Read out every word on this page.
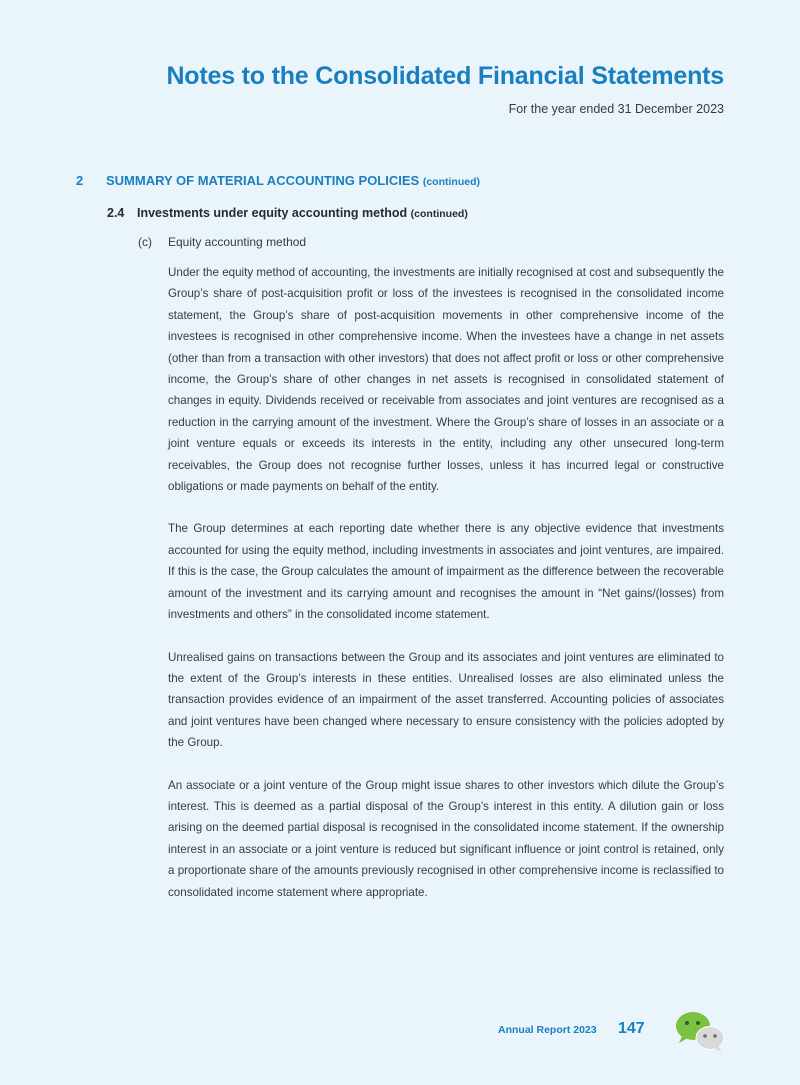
Notes to the Consolidated Financial Statements
For the year ended 31 December 2023
2 SUMMARY OF MATERIAL ACCOUNTING POLICIES (continued)
2.4 Investments under equity accounting method (continued)
(c) Equity accounting method

Under the equity method of accounting, the investments are initially recognised at cost and subsequently the Group’s share of post-acquisition profit or loss of the investees is recognised in the consolidated income statement, the Group’s share of post-acquisition movements in other comprehensive income of the investees is recognised in other comprehensive income. When the investees have a change in net assets (other than from a transaction with other investors) that does not affect profit or loss or other comprehensive income, the Group’s share of other changes in net assets is recognised in consolidated statement of changes in equity. Dividends received or receivable from associates and joint ventures are recognised as a reduction in the carrying amount of the investment. Where the Group’s share of losses in an associate or a joint venture equals or exceeds its interests in the entity, including any other unsecured long-term receivables, the Group does not recognise further losses, unless it has incurred legal or constructive obligations or made payments on behalf of the entity.

The Group determines at each reporting date whether there is any objective evidence that investments accounted for using the equity method, including investments in associates and joint ventures, are impaired. If this is the case, the Group calculates the amount of impairment as the difference between the recoverable amount of the investment and its carrying amount and recognises the amount in “Net gains/(losses) from investments and others” in the consolidated income statement.

Unrealised gains on transactions between the Group and its associates and joint ventures are eliminated to the extent of the Group’s interests in these entities. Unrealised losses are also eliminated unless the transaction provides evidence of an impairment of the asset transferred. Accounting policies of associates and joint ventures have been changed where necessary to ensure consistency with the policies adopted by the Group.

An associate or a joint venture of the Group might issue shares to other investors which dilute the Group’s interest. This is deemed as a partial disposal of the Group’s interest in this entity. A dilution gain or loss arising on the deemed partial disposal is recognised in the consolidated income statement. If the ownership interest in an associate or a joint venture is reduced but significant influence or joint control is retained, only a proportionate share of the amounts previously recognised in other comprehensive income is reclassified to consolidated income statement where appropriate.

Annual Report 2023 147
